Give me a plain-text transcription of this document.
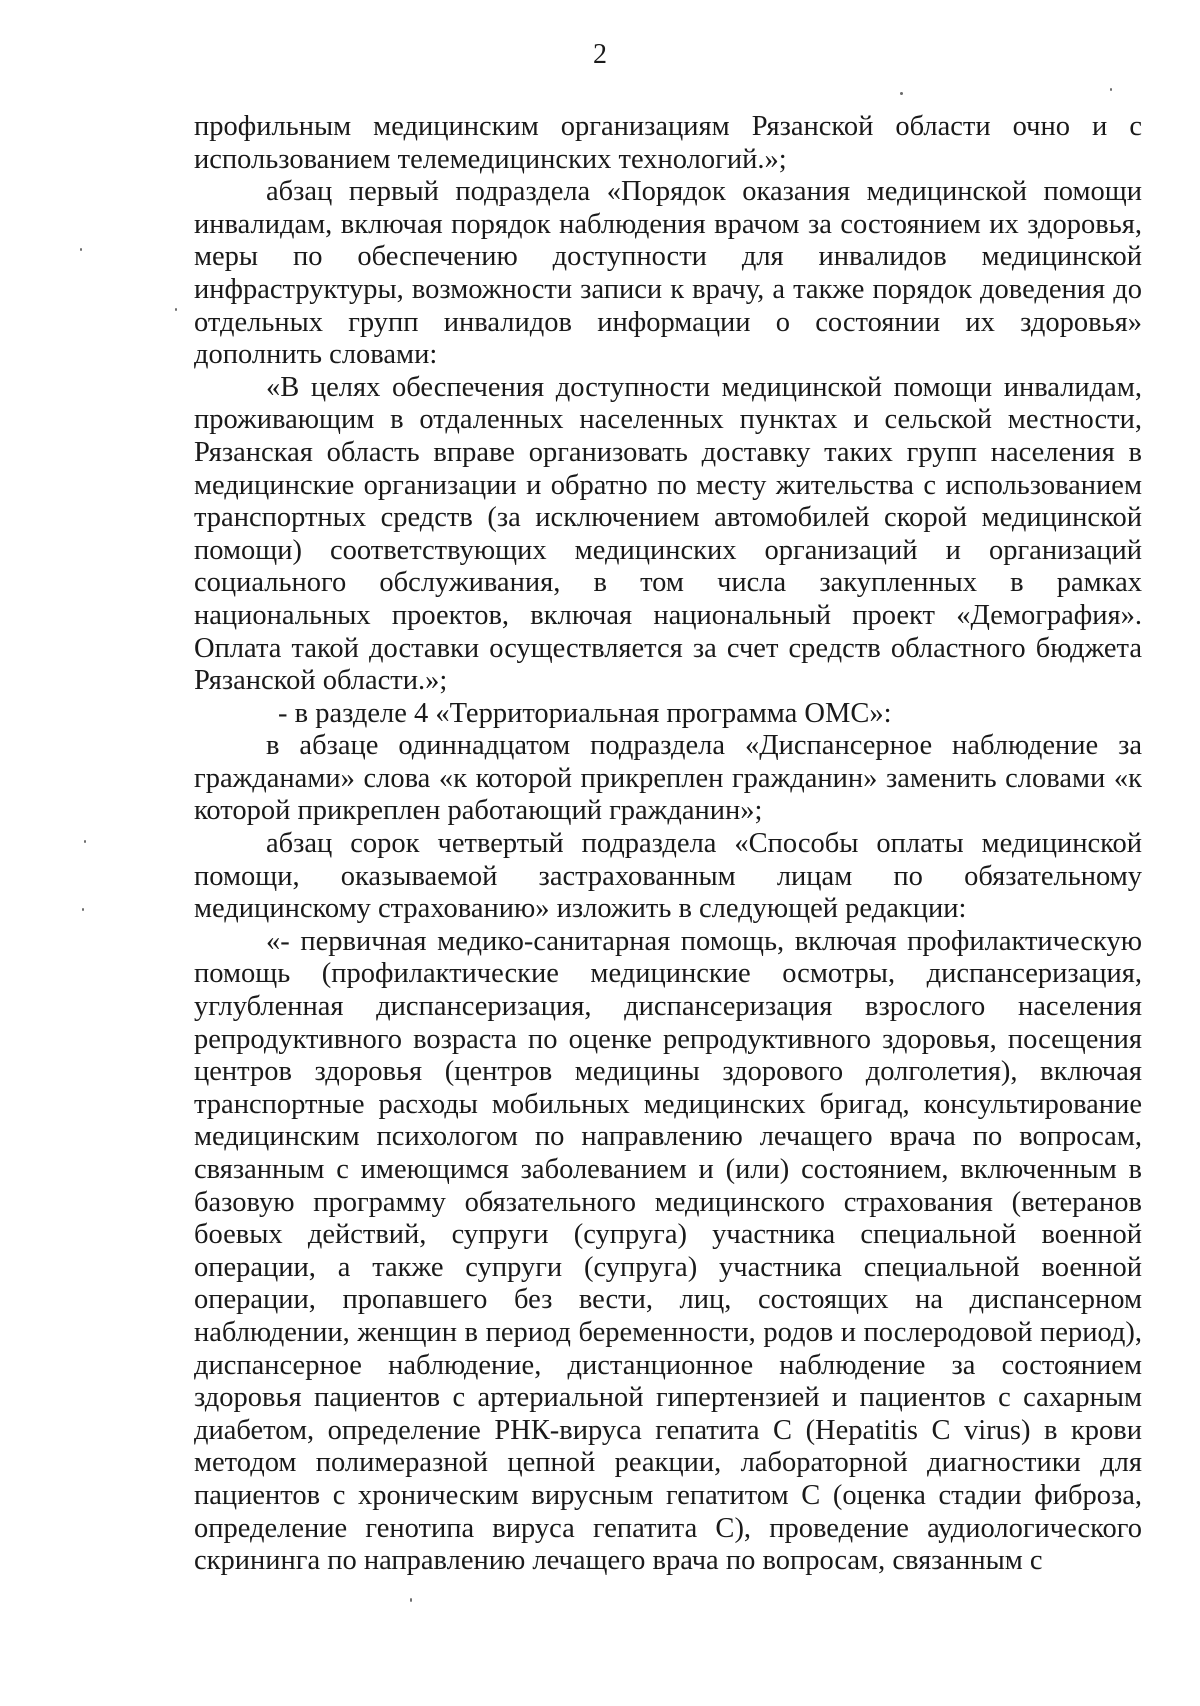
2

профильным медицинским организациям Рязанской области очно и с использованием телемедицинских технологий.»;

абзац первый подраздела «Порядок оказания медицинской помощи инвалидам, включая порядок наблюдения врачом за состоянием их здоровья, меры по обеспечению доступности для инвалидов медицинской инфраструктуры, возможности записи к врачу, а также порядок доведения до отдельных групп инвалидов информации о состоянии их здоровья» дополнить словами:

«В целях обеспечения доступности медицинской помощи инвалидам, проживающим в отдаленных населенных пунктах и сельской местности, Рязанская область вправе организовать доставку таких групп населения в медицинские организации и обратно по месту жительства с использованием транспортных средств (за исключением автомобилей скорой медицинской помощи) соответствующих медицинских организаций и организаций социального обслуживания, в том числа закупленных в рамках национальных проектов, включая национальный проект «Демография». Оплата такой доставки осуществляется за счет средств областного бюджета Рязанской области.»;

- в разделе 4 «Территориальная программа ОМС»:

в абзаце одиннадцатом подраздела «Диспансерное наблюдение за гражданами» слова «к которой прикреплен гражданин» заменить словами «к которой прикреплен работающий гражданин»;

абзац сорок четвертый подраздела «Способы оплаты медицинской помощи, оказываемой застрахованным лицам по обязательному медицинскому страхованию» изложить в следующей редакции:

«- первичная медико-санитарная помощь, включая профилактическую помощь (профилактические медицинские осмотры, диспансеризация, углубленная диспансеризация, диспансеризация взрослого населения репродуктивного возраста по оценке репродуктивного здоровья, посещения центров здоровья (центров медицины здорового долголетия), включая транспортные расходы мобильных медицинских бригад, консультирование медицинским психологом по направлению лечащего врача по вопросам, связанным с имеющимся заболеванием и (или) состоянием, включенным в базовую программу обязательного медицинского страхования (ветеранов боевых действий, супруги (супруга) участника специальной военной операции, а также супруги (супруга) участника специальной военной операции, пропавшего без вести, лиц, состоящих на диспансерном наблюдении, женщин в период беременности, родов и послеродовой период), диспансерное наблюдение, дистанционное наблюдение за состоянием здоровья пациентов с артериальной гипертензией и пациентов с сахарным диабетом, определение РНК-вируса гепатита С (Hepatitis C virus) в крови методом полимеразной цепной реакции, лабораторной диагностики для пациентов с хроническим вирусным гепатитом С (оценка стадии фиброза, определение генотипа вируса гепатита С), проведение аудиологического скрининга по направлению лечащего врача по вопросам, связанным с
